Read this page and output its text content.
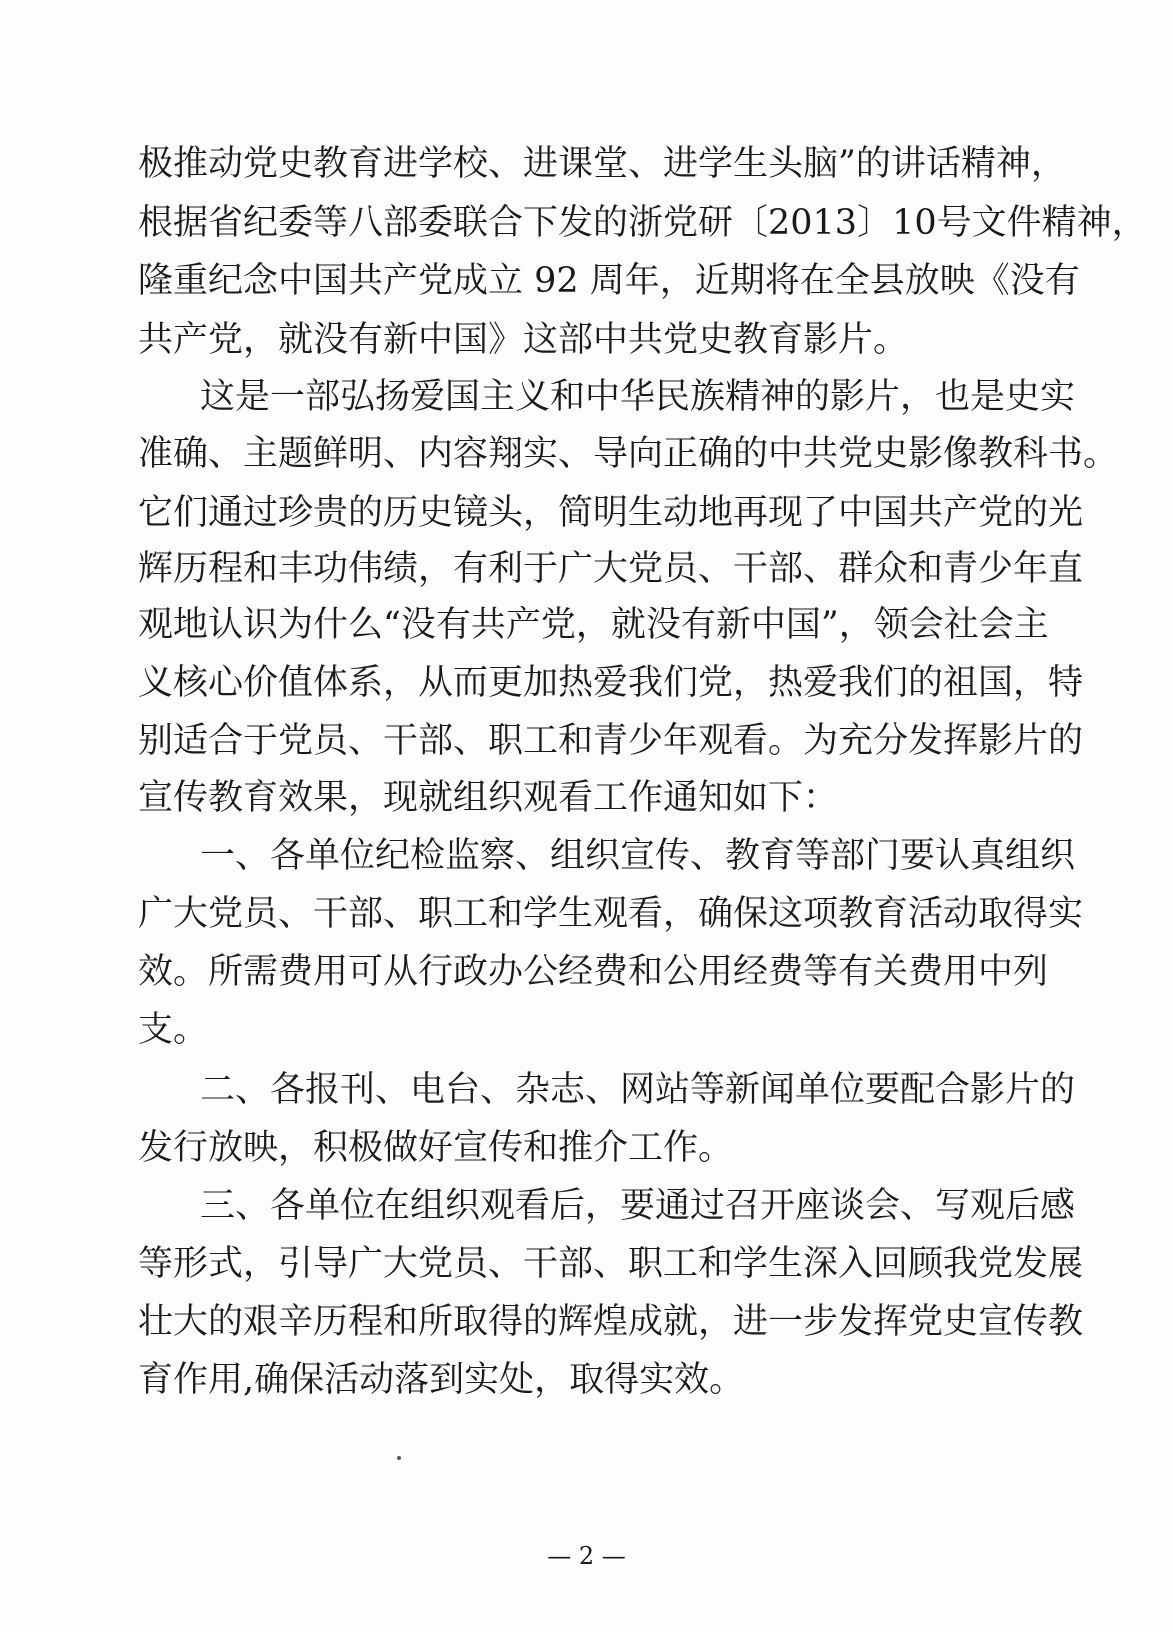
极推动党史教育进学校、进课堂、进学生头脑”的讲话精神，
根据省纪委等八部委联合下发的浙党研〔2013〕10号文件精神，
隆重纪念中国共产党成立 92 周年，近期将在全县放映《没有
共产党，就没有新中国》这部中共党史教育影片。
这是一部弘扬爱国主义和中华民族精神的影片，也是史实
准确、主题鲜明、内容翔实、导向正确的中共党史影像教科书。
它们通过珍贵的历史镜头，简明生动地再现了中国共产党的光
辉历程和丰功伟绩，有利于广大党员、干部、群众和青少年直
观地认识为什么“没有共产党，就没有新中国”，领会社会主
义核心价值体系，从而更加热爱我们党，热爱我们的祖国，特
别适合于党员、干部、职工和青少年观看。为充分发挥影片的
宣传教育效果，现就组织观看工作通知如下：
一、各单位纪检监察、组织宣传、教育等部门要认真组织
广大党员、干部、职工和学生观看，确保这项教育活动取得实
效。所需费用可从行政办公经费和公用经费等有关费用中列
支。
二、各报刊、电台、杂志、网站等新闻单位要配合影片的
发行放映，积极做好宣传和推介工作。
三、各单位在组织观看后，要通过召开座谈会、写观后感
等形式，引导广大党员、干部、职工和学生深入回顾我党发展
壮大的艰辛历程和所取得的辉煌成就，进一步发挥党史宣传教
育作用,确保活动落到实处，取得实效。
— 2 —
